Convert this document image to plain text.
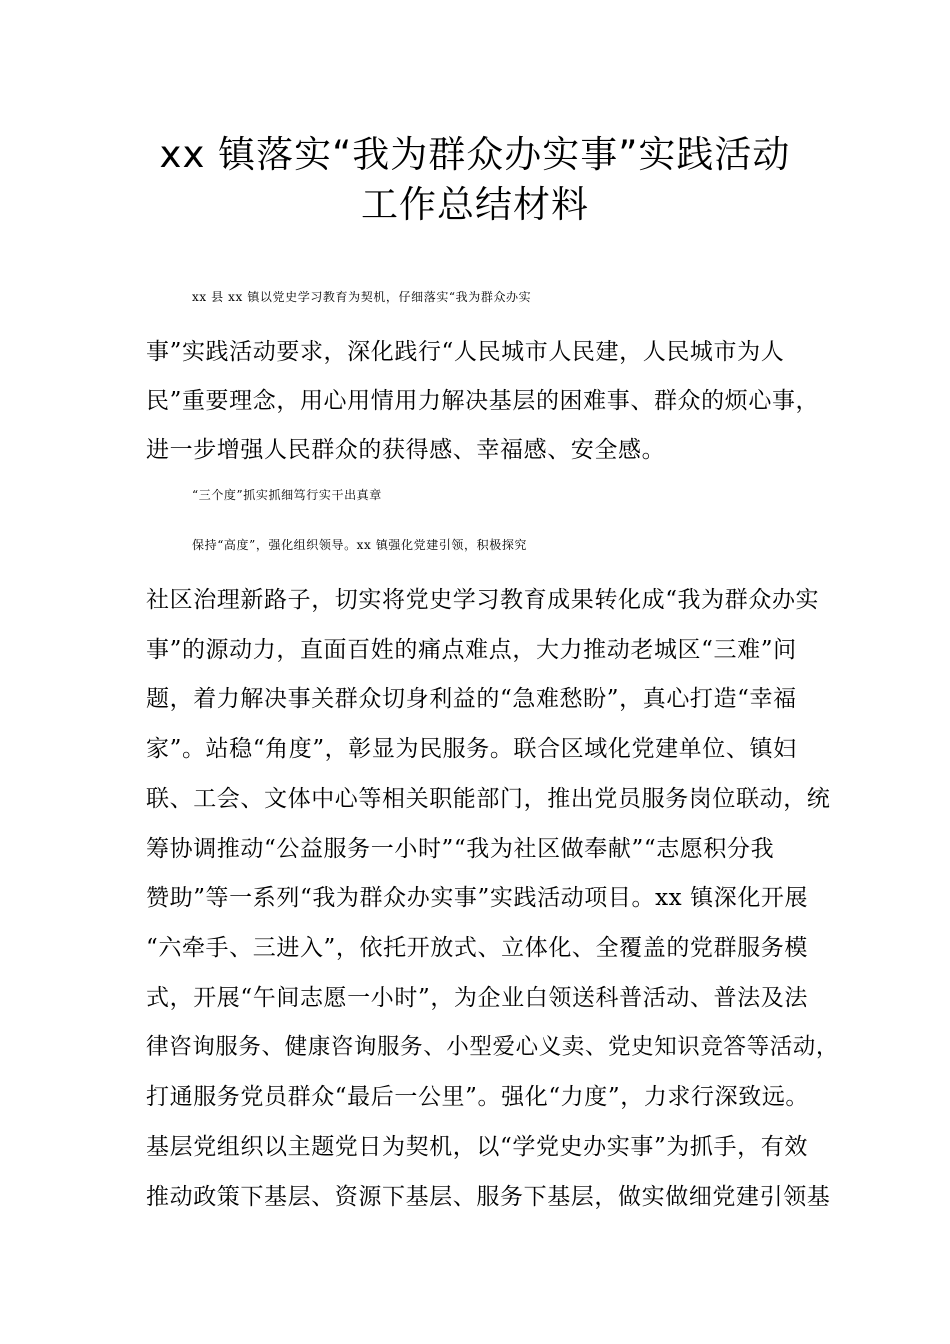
xx 镇落实“我为群众办实事”实践活动
工作总结材料
xx 县 xx 镇以党史学习教育为契机，仔细落实“我为群众办实
事”实践活动要求，深化践行“人民城市人民建，人民城市为人
民”重要理念，用心用情用力解决基层的困难事、群众的烦心事，
进一步增强人民群众的获得感、幸福感、安全感。
“三个度”抓实抓细笃行实干出真章
保持“高度”，强化组织领导。xx 镇强化党建引领，积极探究
社区治理新路子，切实将党史学习教育成果转化成“我为群众办实
事”的源动力，直面百姓的痛点难点，大力推动老城区“三难”问
题，着力解决事关群众切身利益的“急难愁盼”，真心打造“幸福
家”。站稳“角度”，彰显为民服务。联合区域化党建单位、镇妇
联、工会、文体中心等相关职能部门，推出党员服务岗位联动，统
筹协调推动“公益服务一小时”“我为社区做奉献”“志愿积分我
赞助”等一系列“我为群众办实事”实践活动项目。xx 镇深化开展
“六牵手、三进入”，依托开放式、立体化、全覆盖的党群服务模
式，开展“午间志愿一小时”，为企业白领送科普活动、普法及法
律咨询服务、健康咨询服务、小型爱心义卖、党史知识竞答等活动，
打通服务党员群众“最后一公里”。强化“力度”，力求行深致远。
基层党组织以主题党日为契机，以“学党史办实事”为抓手，有效
推动政策下基层、资源下基层、服务下基层，做实做细党建引领基
